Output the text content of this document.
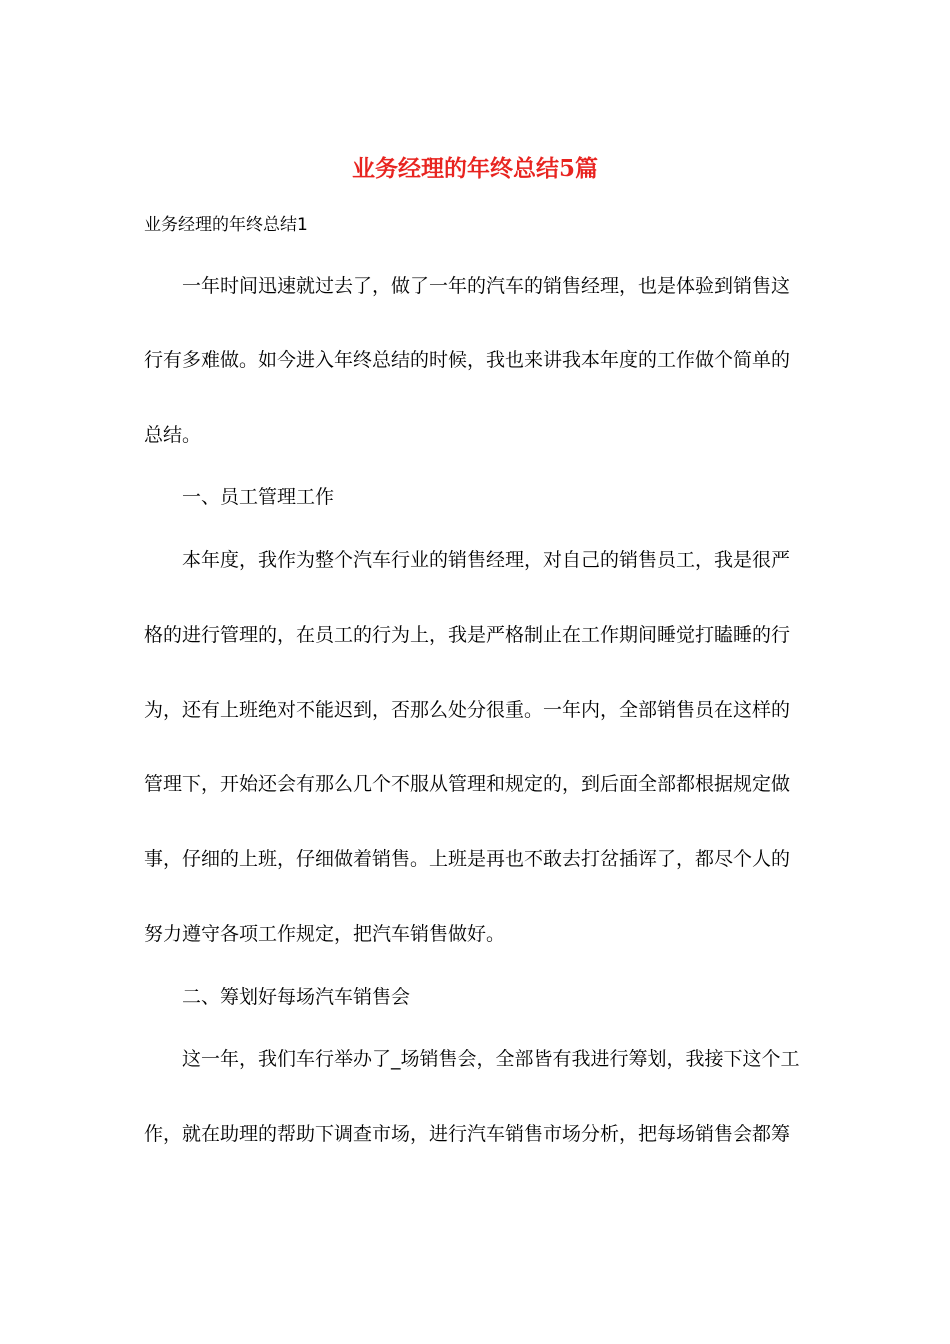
业务经理的年终总结5篇

业务经理的年终总结1

一年时间迅速就过去了，做了一年的汽车的销售经理，也是体验到销售这

行有多难做。如今进入年终总结的时候，我也来讲我本年度的工作做个简单的

总结。

一、员工管理工作

本年度，我作为整个汽车行业的销售经理，对自己的销售员工，我是很严

格的进行管理的，在员工的行为上，我是严格制止在工作期间睡觉打瞌睡的行

为，还有上班绝对不能迟到，否那么处分很重。一年内，全部销售员在这样的

管理下，开始还会有那么几个不服从管理和规定的，到后面全部都根据规定做

事，仔细的上班，仔细做着销售。上班是再也不敢去打岔插诨了，都尽个人的

努力遵守各项工作规定，把汽车销售做好。

二、筹划好每场汽车销售会

这一年，我们车行举办了_场销售会，全部皆有我进行筹划，我接下这个工

作，就在助理的帮助下调查市场，进行汽车销售市场分析，把每场销售会都筹
